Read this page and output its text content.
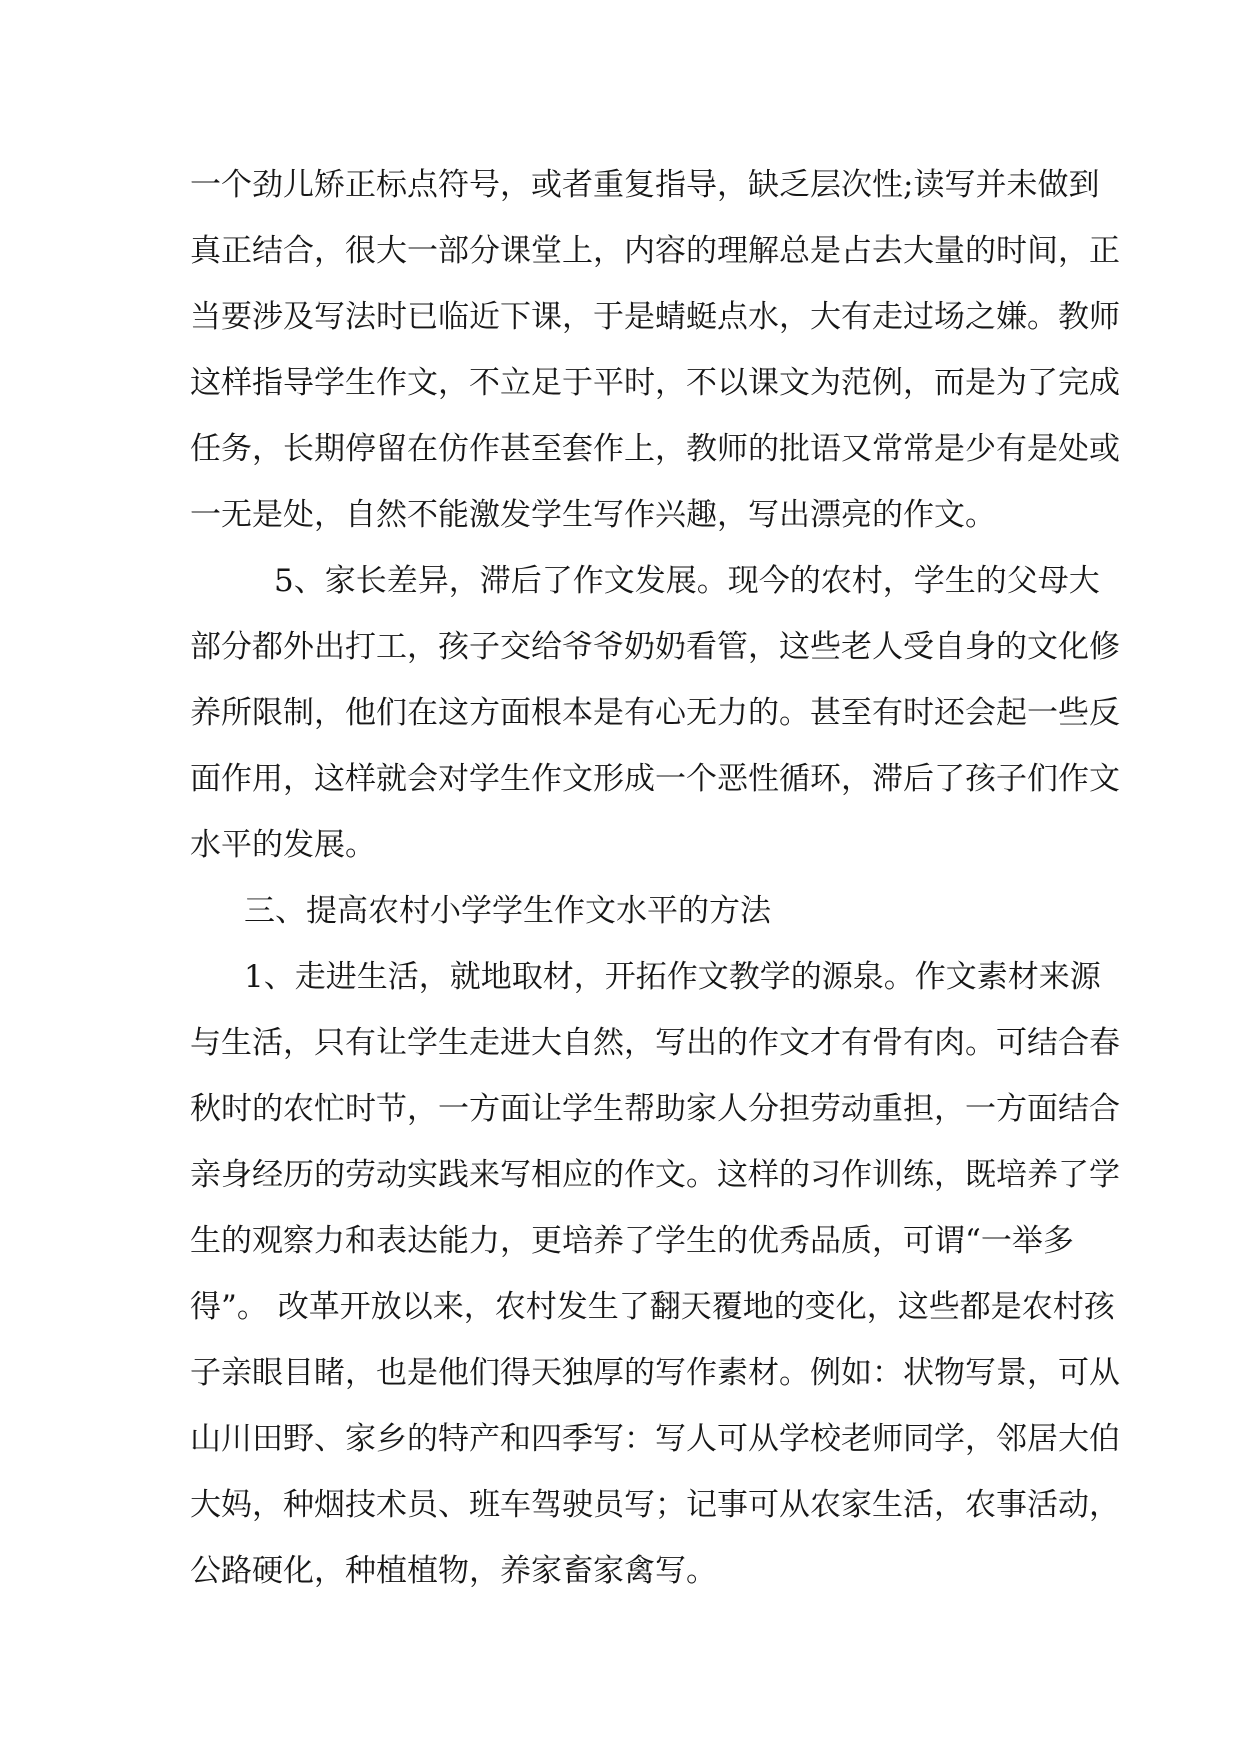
一个劲儿矫正标点符号，或者重复指导，缺乏层次性;读写并未做到
真正结合，很大一部分课堂上，内容的理解总是占去大量的时间，正
当要涉及写法时已临近下课，于是蜻蜓点水，大有走过场之嫌。教师
这样指导学生作文，不立足于平时，不以课文为范例，而是为了完成
任务，长期停留在仿作甚至套作上，教师的批语又常常是少有是处或
一无是处，自然不能激发学生写作兴趣，写出漂亮的作文。
5、家长差异，滞后了作文发展。现今的农村，学生的父母大
部分都外出打工，孩子交给爷爷奶奶看管，这些老人受自身的文化修
养所限制，他们在这方面根本是有心无力的。甚至有时还会起一些反
面作用，这样就会对学生作文形成一个恶性循环，滞后了孩子们作文
水平的发展。
三、提高农村小学学生作文水平的方法
1、走进生活，就地取材，开拓作文教学的源泉。作文素材来源
与生活，只有让学生走进大自然，写出的作文才有骨有肉。可结合春
秋时的农忙时节，一方面让学生帮助家人分担劳动重担，一方面结合
亲身经历的劳动实践来写相应的作文。这样的习作训练，既培养了学
生的观察力和表达能力，更培养了学生的优秀品质，可谓“一举多
得”。 改革开放以来，农村发生了翻天覆地的变化，这些都是农村孩
子亲眼目睹，也是他们得天独厚的写作素材。例如：状物写景，可从
山川田野、家乡的特产和四季写：写人可从学校老师同学，邻居大伯
大妈，种烟技术员、班车驾驶员写；记事可从农家生活，农事活动，
公路硬化，种植植物，养家畜家禽写。
